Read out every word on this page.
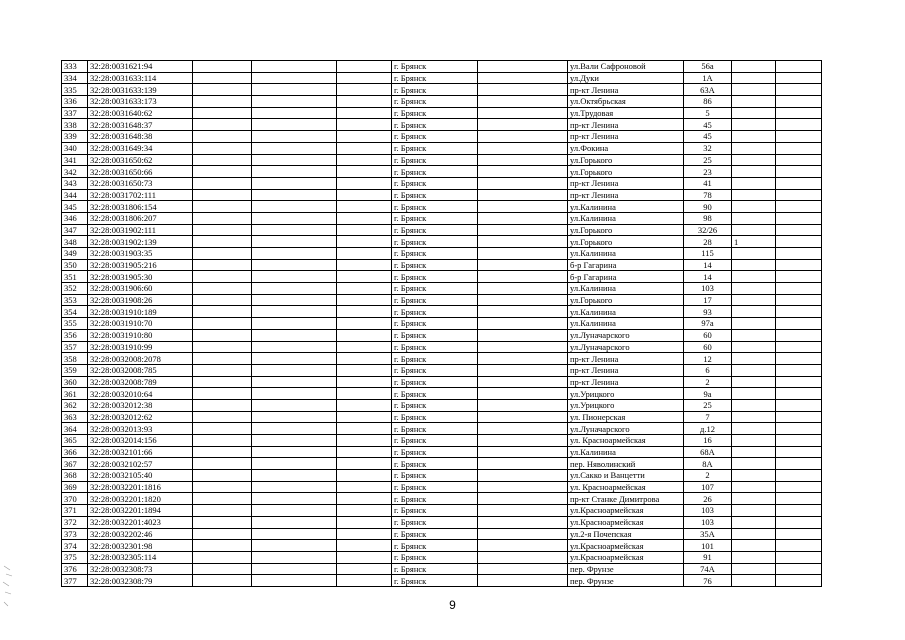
333	32:28:0031621:94				г. Брянск		ул.Вали Сафроновой	56а		
334	32:28:0031633:114				г. Брянск		ул.Дуки	1А		
335	32:28:0031633:139				г. Брянск		пр-кт Ленина	63А		
336	32:28:0031633:173				г. Брянск		ул.Октябрьская	86		
337	32:28:0031640:62				г. Брянск		ул.Трудовая	5		
338	32:28:0031648:37				г. Брянск		пр-кт Ленина	45		
339	32:28:0031648:38				г. Брянск		пр-кт Ленина	45		
340	32:28:0031649:34				г. Брянск		ул.Фокина	32		
341	32:28:0031650:62				г. Брянск		ул.Горького	25		
342	32:28:0031650:66				г. Брянск		ул.Горького	23		
343	32:28:0031650:73				г. Брянск		пр-кт Ленина	41		
344	32:28:0031702:111				г. Брянск		пр-кт Ленина	78		
345	32:28:0031806:154				г. Брянск		ул.Калинина	90		
346	32:28:0031806:207				г. Брянск		ул.Калинина	98		
347	32:28:0031902:111				г. Брянск		ул.Горького	32/26		
348	32:28:0031902:139				г. Брянск		ул.Горького	28	1	
349	32:28:0031903:35				г. Брянск		ул.Калинина	115		
350	32:28:0031905:216				г. Брянск		б-р Гагарина	14		
351	32:28:0031905:30				г. Брянск		б-р Гагарина	14		
352	32:28:0031906:60				г. Брянск		ул.Калинина	103		
353	32:28:0031908:26				г. Брянск		ул.Горького	17		
354	32:28:0031910:189				г. Брянск		ул.Калинина	93		
355	32:28:0031910:70				г. Брянск		ул.Калинина	97а		
356	32:28:0031910:80				г. Брянск		ул.Луначарского	60		
357	32:28:0031910:99				г. Брянск		ул.Луначарского	60		
358	32:28:0032008:2078				г. Брянск		пр-кт Ленина	12		
359	32:28:0032008:785				г. Брянск		пр-кт Ленина	6		
360	32:28:0032008:789				г. Брянск		пр-кт Ленина	2		
361	32:28:0032010:64				г. Брянск		ул.Урицкого	9а		
362	32:28:0032012:38				г. Брянск		ул.Урицкого	25		
363	32:28:0032012:62				г. Брянск		ул. Пионерская	7		
364	32:28:0032013:93				г. Брянск		ул.Луначарского	д.12		
365	32:28:0032014:156				г. Брянск		ул. Красноармейская	16		
366	32:28:0032101:66				г. Брянск		ул.Калинина	68А		
367	32:28:0032102:57				г. Брянск		пер. Няволинский	8А		
368	32:28:0032105:40				г. Брянск		ул.Сакко и Ванцетти	2		
369	32:28:0032201:1816				г. Брянск		ул. Красноармейская	107		
370	32:28:0032201:1820				г. Брянск		пр-кт Станке Димитрова	26		
371	32:28:0032201:1894				г. Брянск		ул.Красноармейская	103		
372	32:28:0032201:4023				г. Брянск		ул.Красноармейская	103		
373	32:28:0032202:46				г. Брянск		ул.2-я Почепская	35А		
374	32:28:0032301:98				г. Брянск		ул.Красноармейская	101		
375	32:28:0032305:114				г. Брянск		ул.Красноармейская	91		
376	32:28:0032308:73				г. Брянск		пер. Фрунзе	74А		
377	32:28:0032308:79				г. Брянск		пер. Фрунзе	76		
9
